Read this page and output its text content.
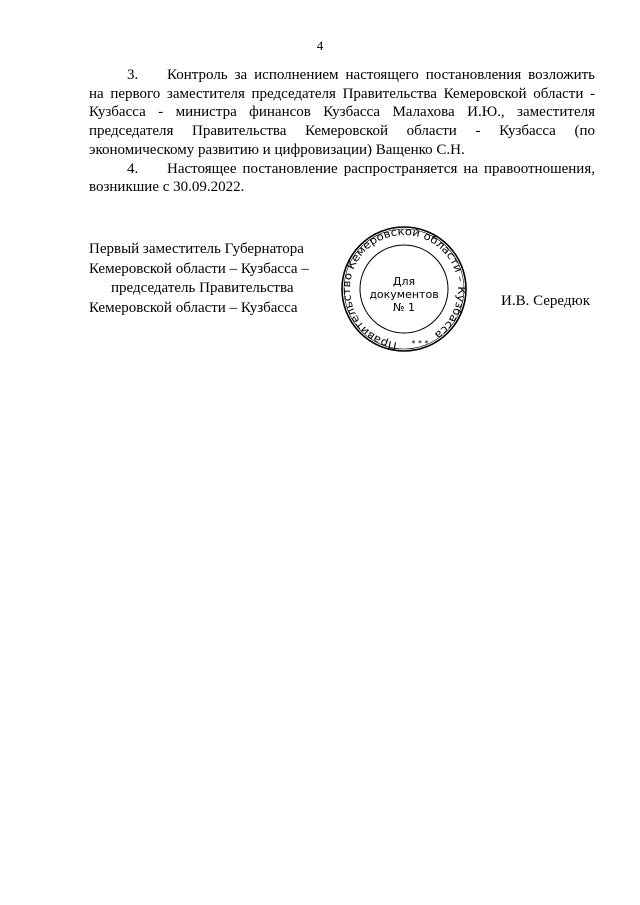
4

3. Контроль за исполнением настоящего постановления возложить на первого заместителя председателя Правительства Кемеровской области - Кузбасса - министра финансов Кузбасса Малахова И.Ю., заместителя председателя Правительства Кемеровской области - Кузбасса (по экономическому развитию и цифровизации) Ващенко С.Н.

4. Настоящее постановление распространяется на правоотношения, возникшие с 30.09.2022.

Первый заместитель Губернатора
Кемеровской области – Кузбасса –
председатель Правительства
Кемеровской области – Кузбасса
Правительство Кемеровской области – Кузбасса
Для
документов
№ 1
* * *
И.В. Середюк
